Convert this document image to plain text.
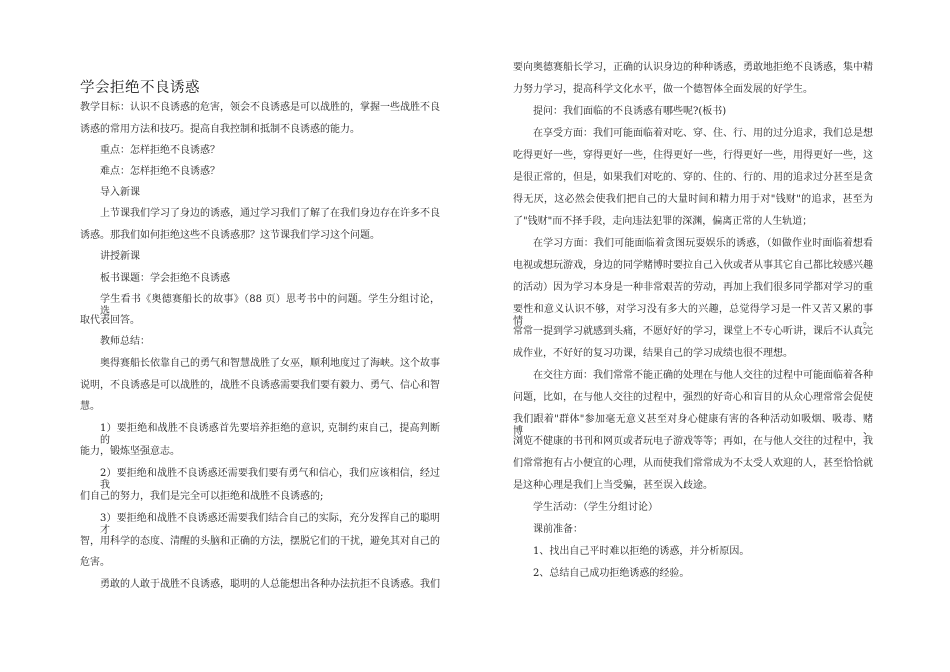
学会拒绝不良诱惑
教学目标：认识不良诱惑的危害，领会不良诱惑是可以战胜的，掌握一些战胜不良
诱惑的常用方法和技巧。提高自我控制和抵制不良诱惑的能力。
重点：怎样拒绝不良诱惑？
难点：怎样拒绝不良诱惑？
导入新课
上节课我们学习了身边的诱惑，通过学习我们了解了在我们身边存在许多不良
诱惑。那我们如何拒绝这些不良诱惑那？这节课我们学习这个问题。
讲授新课
板书课题：学会拒绝不良诱惑
学生看书《奥德赛船长的故事》（88 页）思考书中的问题。学生分组讨论，选
取代表回答。
教师总结：
奥得赛船长依靠自己的勇气和智慧战胜了女巫，顺利地度过了海峡。这个故事
说明，不良诱惑是可以战胜的，战胜不良诱惑需要我们要有毅力、勇气、信心和智
慧。
1）要拒绝和战胜不良诱惑首先要培养拒绝的意识, 克制约束自己，提高判断的
能力，锻炼坚强意志。
2）要拒绝和战胜不良诱惑还需要我们要有勇气和信心，我们应该相信，经过我
们自己的努力，我们是完全可以拒绝和战胜不良诱惑的;
3）要拒绝和战胜不良诱惑还需要我们结合自己的实际，充分发挥自己的聪明才
智，用科学的态度、清醒的头脑和正确的方法，摆脱它们的干扰，避免其对自己的
危害。
勇敢的人敢于战胜不良诱惑，聪明的人总能想出各种办法抗拒不良诱惑。我们
要向奥德赛船长学习，正确的认识身边的种种诱惑，勇敢地拒绝不良诱惑，集中精
力努力学习，提高科学文化水平，做一个德智体全面发展的好学生。
提问：我们面临的不良诱惑有哪些呢?(板书)
在享受方面：我们可能面临着对吃、穿、住、行、用的过分追求，我们总是想
吃得更好一些，穿得更好一些，住得更好一些，行得更好一些，用得更好一些，这
是很正常的，但是，如果我们对吃的、穿的、住的、行的、用的追求过分甚至是贪
得无厌，这必然会使我们把自己的大量时间和精力用于对"钱财"的追求，甚至为
了"钱财"而不择手段，走向违法犯罪的深渊，偏离正常的人生轨道；
在学习方面：我们可能面临着贪图玩耍娱乐的诱惑，（如做作业时面临着想看
电视或想玩游戏，身边的同学赌博时要拉自己入伙或者从事其它自己都比较感兴趣
的活动）因为学习本身是一种非常艰苦的劳动，再加上我们很多同学都对学习的重
要性和意义认识不够，对学习没有多大的兴趣，总觉得学习是一件又苦又累的事情。
常常一提到学习就感到头痛，不愿好好的学习，课堂上不专心听讲，课后不认真完
成作业，不好好的复习功课，结果自己的学习成绩也很不理想。
在交往方面：我们常常不能正确的处理在与他人交往的过程中可能面临着各种
问题，比如，在与他人交往的过程中，强烈的好奇心和盲目的从众心理常常会促使
我们跟着"群体"参加毫无意义甚至对身心健康有害的各种活动如吸烟、吸毒、赌博、
浏览不健康的书刊和网页或者玩电子游戏等等；再如，在与他人交往的过程中，我
们常常抱有占小便宜的心理，从而使我们常常成为不太受人欢迎的人，甚至恰恰就
是这种心理是我们上当受骗，甚至误入歧途。
学生活动：（学生分组讨论）
课前准备：
1、找出自己平时难以拒绝的诱惑，并分析原因。
2、总结自己成功拒绝诱惑的经验。
